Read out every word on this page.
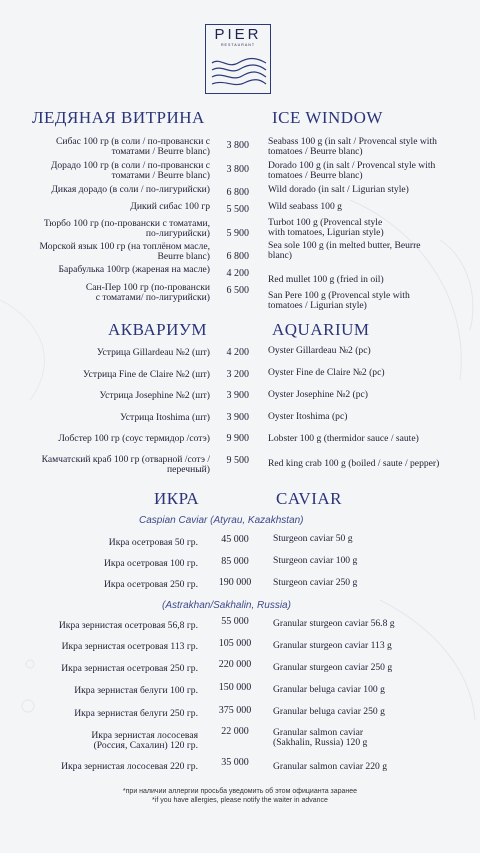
PIER
RESTAURANT
ЛЕДЯНАЯ ВИТРИНА	ICE WINDOW
Сибас 100 гр (в соли / по-провански с
томатами / Beurre blanc)
3 800 Seabass 100 g (in salt / Provencal style with
tomatoes / Beurre blanc)
Дорадо 100 гр (в соли / по-провански с
томатами / Beurre blanc)
3 800 Dorado 100 g (in salt / Provencal style with
tomatoes / Beurre blanc)
Дикая дорадо (в соли / по-лигурийски) 6 800 Wild dorado (in salt / Ligurian style)
Дикий сибас 100 гр 5 500 Wild seabass 100 g
Тюрбо 100 гр (по-провански с томатами,
по-лигурийски) 5 900
Turbot 100 g (Provencal style
with tomatoes, Ligurian style)
Морской язык 100 гр (на топлёном масле,
Beurre blanc) 6 800
Sea sole 100 g (in melted butter, Beurre
blanc)
Барабулька 100гр (жареная на масле) 4 200
Red mullet 100 g (fried in oil)
Сан-Пер 100 гр (по-провански
с томатами/ по-лигурийски)
6 500 San Pere 100 g (Provencal style with
tomatoes / Ligurian style)
АКВАРИУМ	AQUARIUM
Устрица Gillardeau №2 (шт) 4 200 Oyster Gillardeau №2 (pc)
Устрица Fine de Claire №2 (шт) 3 200 Oyster Fine de Claire №2 (pc)
Устрица Josephine №2 (шт) 3 900 Oyster Josephine №2 (pc)
Устрица Itoshima (шт) 3 900 Oyster Itoshima (pc)
Лобстер 100 гр (соус термидор /сотэ) 9 900 Lobster 100 g (thermidor sauce / saute)
Камчатский краб 100 гр (отварной /сотэ /
перечный)
9 500 Red king crab 100 g (boiled / saute / pepper)
ИКРА	CAVIAR
Caspian Caviar (Atyrau, Kazakhstan)
Икра осетровая 50 гр.	45 000	Sturgeon caviar 50 g
Икра осетровая 100 гр.	85 000	Sturgeon caviar 100 g
Икра осетровая 250 гр.	190 000	Sturgeon caviar 250 g
(Astrakhan/Sakhalin, Russia)
Икра зернистая осетровая 56,8 гр.	55 000	Granular sturgeon caviar 56.8 g
Икра зернистая осетровая 113 гр.	105 000	Granular sturgeon caviar 113 g
Икра зернистая осетровая 250 гр.	220 000	Granular sturgeon caviar 250 g
Икра зернистая белуги 100 гр.	150 000	Granular beluga caviar 100 g
Икра зернистая белуги 250 гр.	375 000	Granular beluga caviar 250 g
Икра зернистая лососевая
(Россия, Сахалин) 120 гр.
22 000	Granular salmon caviar
(Sakhalin, Russia) 120 g
Икра зернистая лососевая 220 гр.	35 000	Granular salmon caviar 220 g
*при наличии аллергии просьба уведомить об этом официанта заранее
*if you have allergies, please notify the waiter in advance
